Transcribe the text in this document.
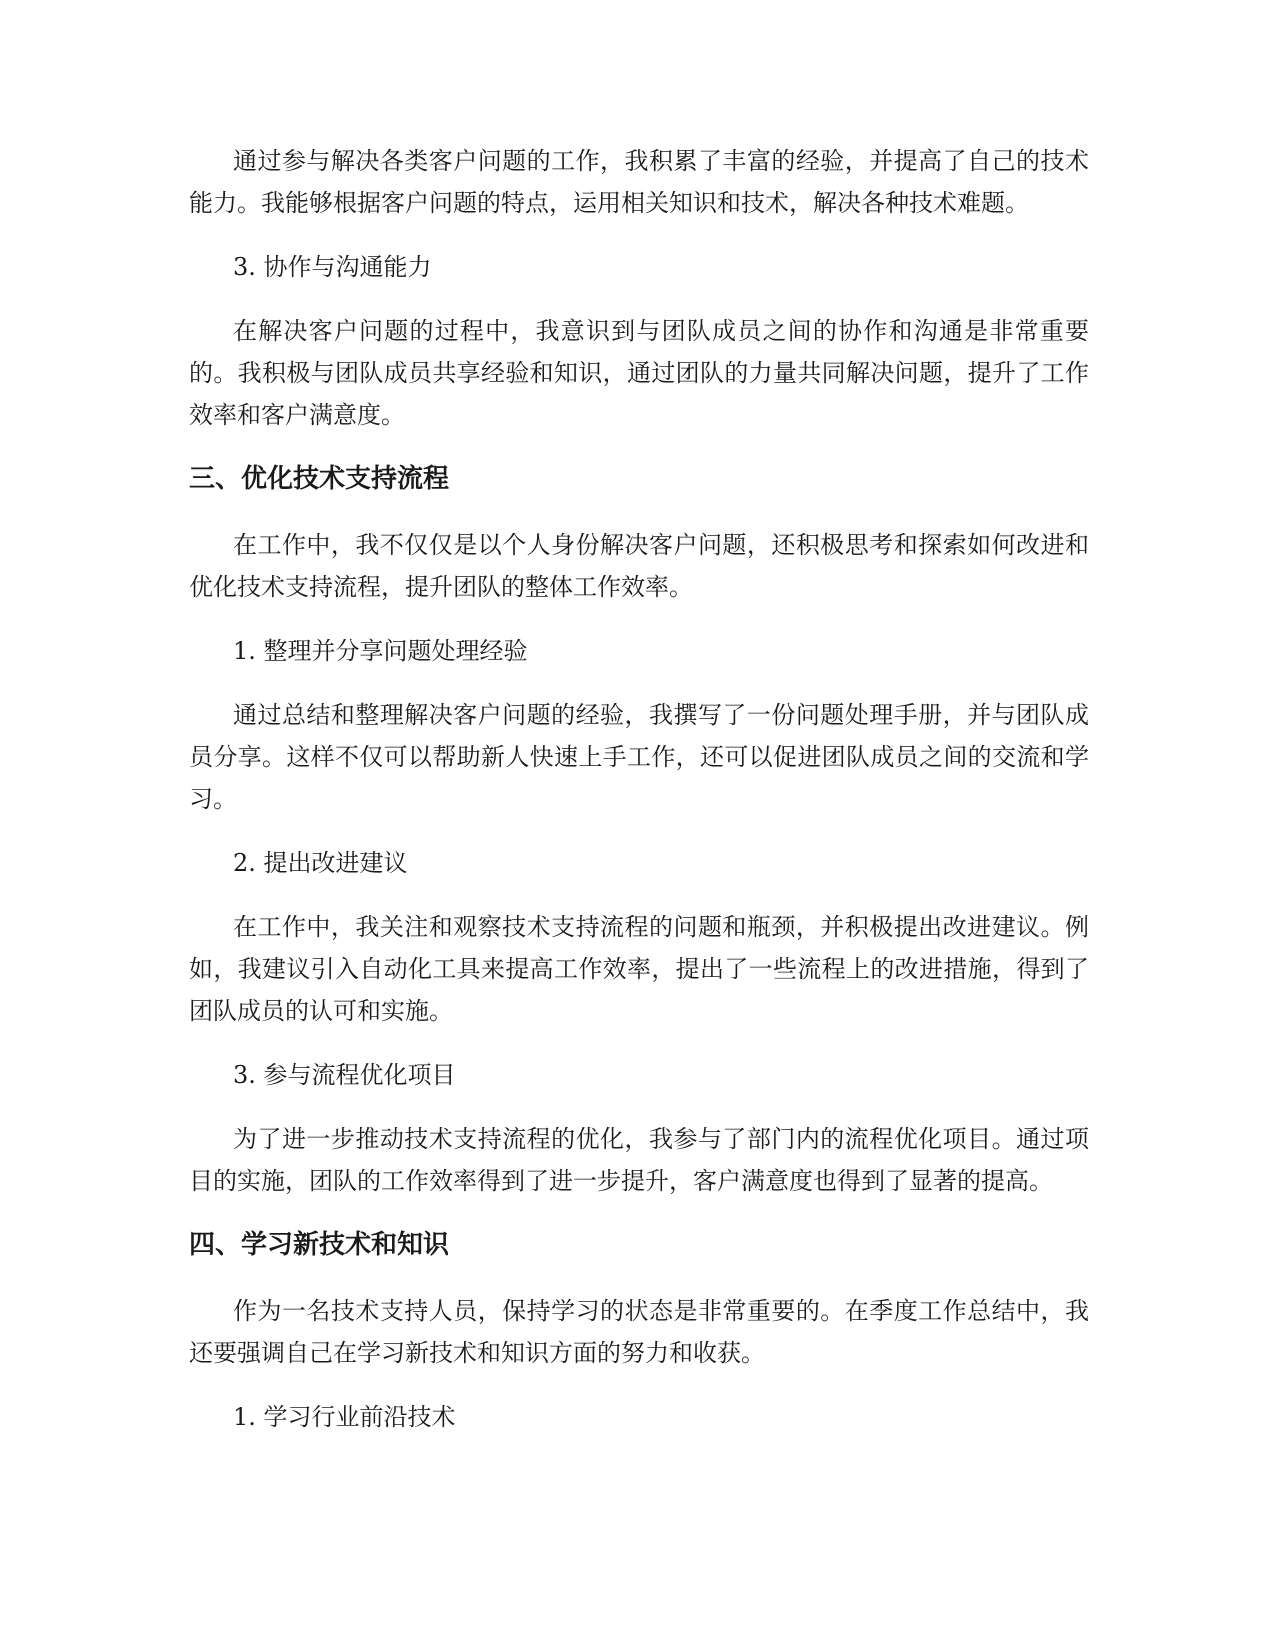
通过参与解决各类客户问题的工作，我积累了丰富的经验，并提高了自己的技术能力。我能够根据客户问题的特点，运用相关知识和技术，解决各种技术难题。

3. 协作与沟通能力

在解决客户问题的过程中，我意识到与团队成员之间的协作和沟通是非常重要的。我积极与团队成员共享经验和知识，通过团队的力量共同解决问题，提升了工作效率和客户满意度。

三、优化技术支持流程

在工作中，我不仅仅是以个人身份解决客户问题，还积极思考和探索如何改进和优化技术支持流程，提升团队的整体工作效率。

1. 整理并分享问题处理经验

通过总结和整理解决客户问题的经验，我撰写了一份问题处理手册，并与团队成员分享。这样不仅可以帮助新人快速上手工作，还可以促进团队成员之间的交流和学习。

2. 提出改进建议

在工作中，我关注和观察技术支持流程的问题和瓶颈，并积极提出改进建议。例如，我建议引入自动化工具来提高工作效率，提出了一些流程上的改进措施，得到了团队成员的认可和实施。

3. 参与流程优化项目

为了进一步推动技术支持流程的优化，我参与了部门内的流程优化项目。通过项目的实施，团队的工作效率得到了进一步提升，客户满意度也得到了显著的提高。

四、学习新技术和知识

作为一名技术支持人员，保持学习的状态是非常重要的。在季度工作总结中，我还要强调自己在学习新技术和知识方面的努力和收获。

1. 学习行业前沿技术
